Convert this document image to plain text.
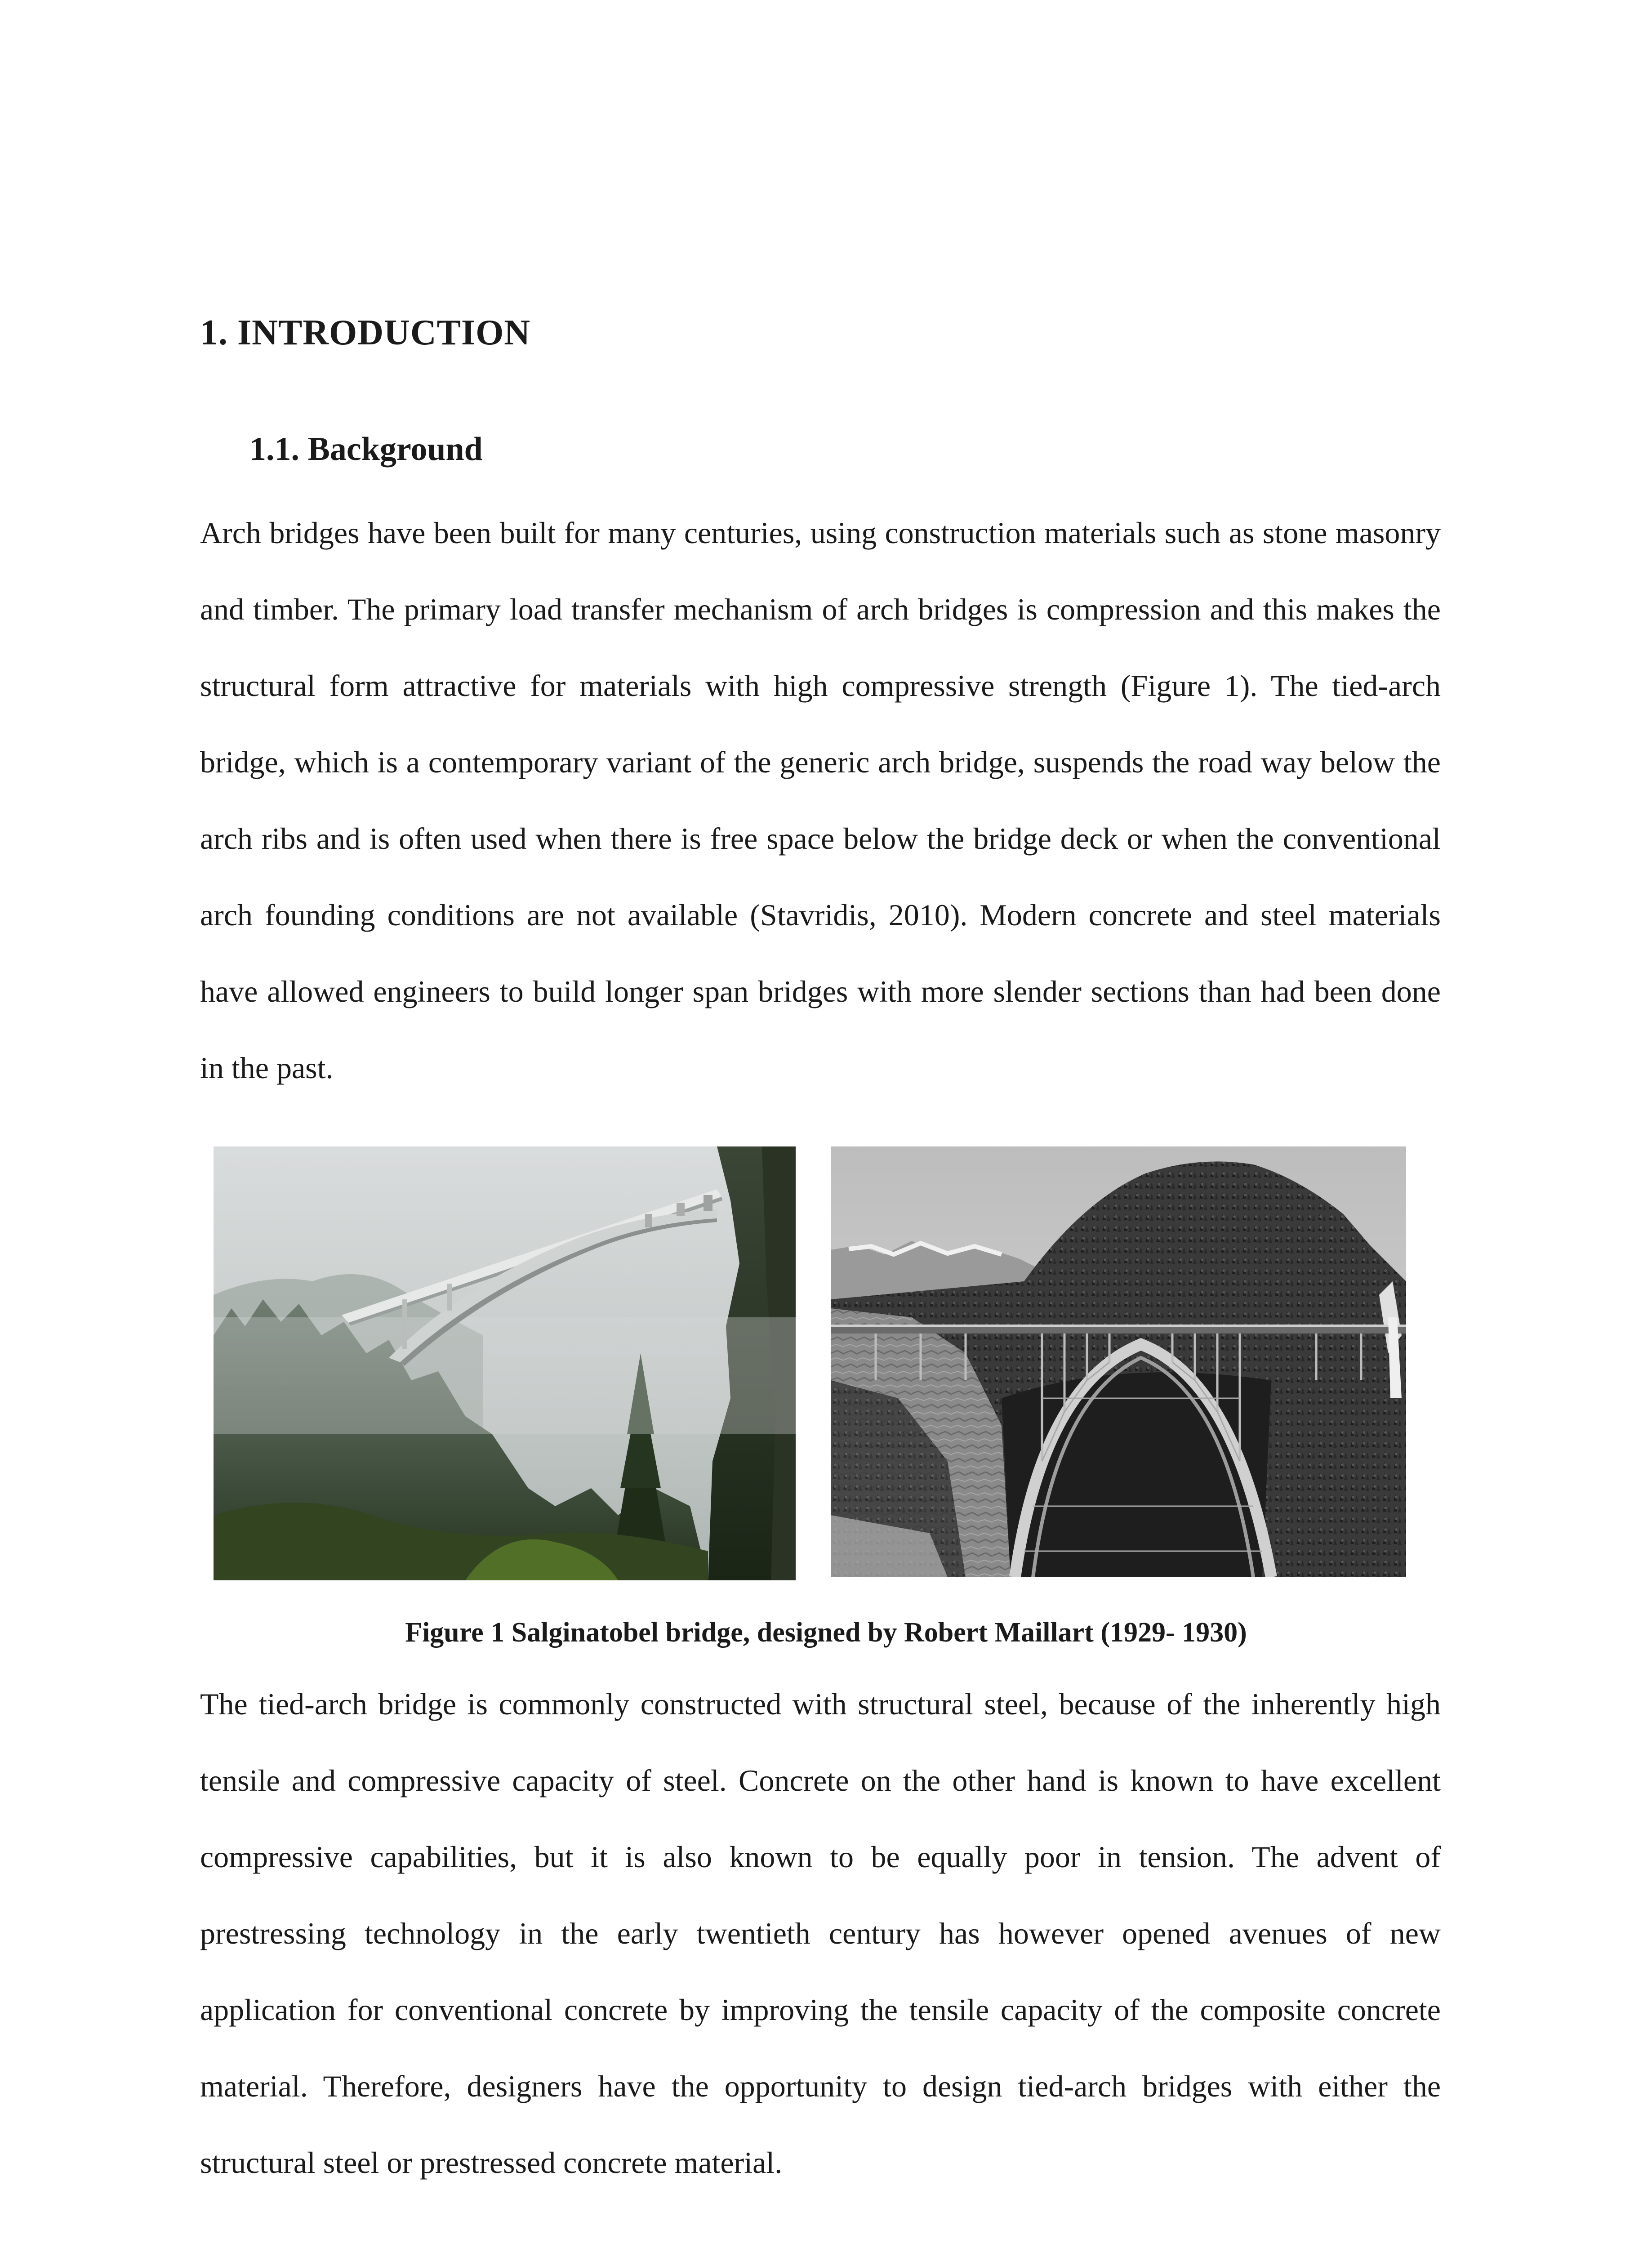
1. INTRODUCTION
1.1. Background

Arch bridges have been built for many centuries, using construction materials such as stone masonry and timber. The primary load transfer mechanism of arch bridges is compression and this makes the structural form attractive for materials with high compressive strength (Figure 1). The tied-arch bridge, which is a contemporary variant of the generic arch bridge, suspends the road way below the arch ribs and is often used when there is free space below the bridge deck or when the conventional arch founding conditions are not available (Stavridis, 2010). Modern concrete and steel materials have allowed engineers to build longer span bridges with more slender sections than had been done in the past.

Figure 1 Salginatobel bridge, designed by Robert Maillart (1929- 1930)

The tied-arch bridge is commonly constructed with structural steel, because of the inherently high tensile and compressive capacity of steel. Concrete on the other hand is known to have excellent compressive capabilities, but it is also known to be equally poor in tension. The advent of prestressing technology in the early twentieth century has however opened avenues of new application for conventional concrete by improving the tensile capacity of the composite concrete material. Therefore, designers have the opportunity to design tied-arch bridges with either the structural steel or prestressed concrete material.
